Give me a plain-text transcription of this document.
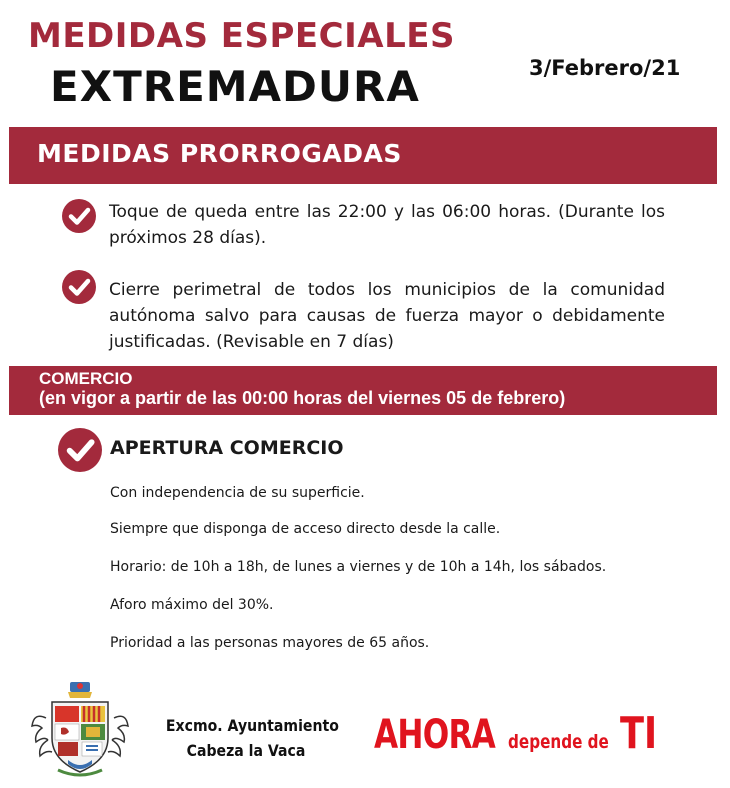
MEDIDAS ESPECIALES
EXTREMADURA	3/Febrero/21
MEDIDAS PRORROGADAS
Toque de queda entre las 22:00 y las 06:00 horas. (Durante los próximos 28 días).
Cierre perimetral de todos los municipios de la comunidad autónoma salvo para causas de fuerza mayor o debidamente justificadas. (Revisable en 7 días)
COMERCIO
(en vigor a partir de las 00:00 horas del viernes 05 de febrero)
APERTURA COMERCIO
Con independencia de su superficie.
Siempre que disponga de acceso directo desde la calle.
Horario: de 10h a 18h, de lunes a viernes y de 10h a 14h, los sábados.
Aforo máximo del 30%.
Prioridad a las personas mayores de 65 años.
Excmo. Ayuntamiento
Cabeza la Vaca	AHORA depende de TI
